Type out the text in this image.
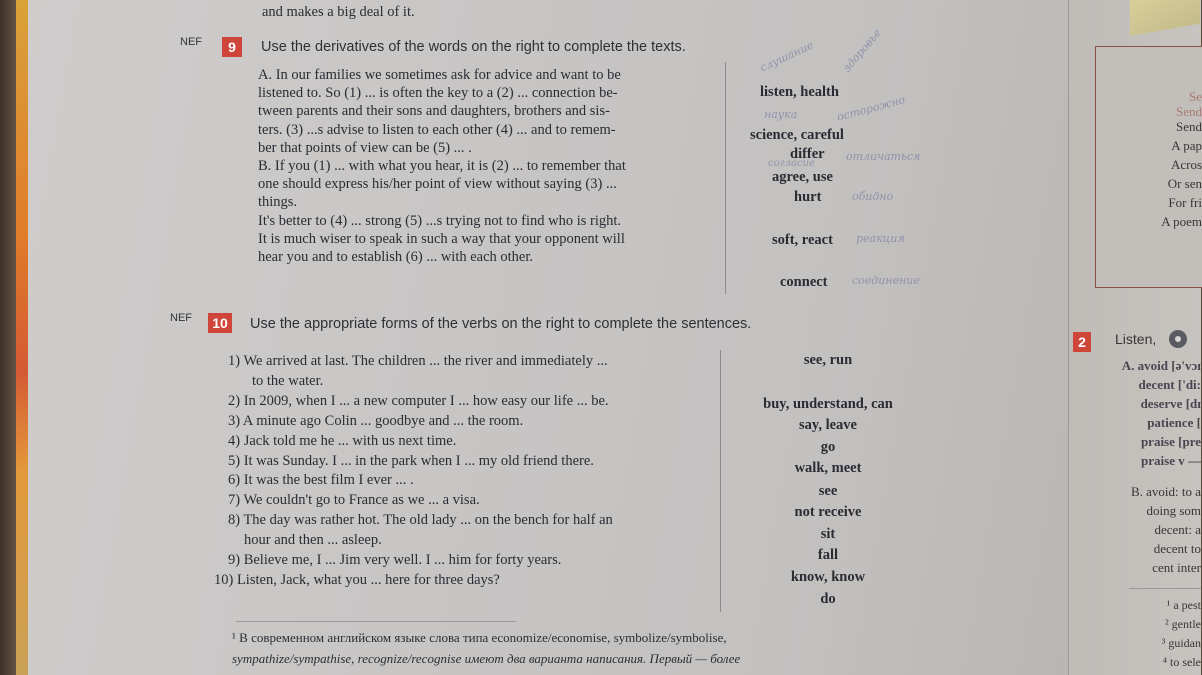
and makes a big deal of it.
NEF	9	Use the derivatives of the words on the right to complete the texts.
A. In our families we sometimes ask for advice and want to be
listened to. So (1) ... is often the key to a (2) ... connection be-
tween parents and their sons and daughters, brothers and sis-
ters. (3) ...s advise to listen to each other (4) ... and to remem-
ber that points of view can be (5) ... .
B. If you (1) ... with what you hear, it is (2) ... to remember that
one should express his/her point of view without saying (3) ...
things.
It's better to (4) ... strong (5) ...s trying not to find who is right.
It is much wiser to speak in such a way that your opponent will
hear you and to establish (6) ... with each other.
listen, health
science, careful
differ
agree, use
hurt
soft, react
connect
слушание здоровье
наука	осторожно
отличаться
согласие
обидно
реакция
соединение
NEF	10 Use the appropriate forms of the verbs on the right to complete the sentences.
1) We arrived at last. The children ... the river and immediately ...
to the water.
2) In 2009, when I ... a new computer I ... how easy our life ... be.
3) A minute ago Colin ... goodbye and ... the room.
4) Jack told me he ... with us next time.
5) It was Sunday. I ... in the park when I ... my old friend there.
6) It was the best film I ever ... .
7) We couldn't go to France as we ... a visa.
8) The day was rather hot. The old lady ... on the bench for half an
hour and then ... asleep.
9) Believe me, I ... Jim very well. I ... him for forty years.
10) Listen, Jack, what you ... here for three days?
see, run
buy, understand, can
say, leave
go
walk, meet
see
not receive
sit
fall
know, know
do
¹ В современном английском языке слова типа economize/economise, symbolize/symbolise,
sympathize/sympathise, recognize/recognise имеют два варианта написания. Первый — более
Se
Send
Send
A pap
Acros
Or sen
For fri
A poem
2	Listen,
A. avoid [ə'vɔɪ
decent ['di:
deserve [dɪ
patience [
praise [pre
praise v —
B. avoid: to a
doing som
decent: a
decent to
cent inter
¹ a pest
² gentle
³ guidan
⁴ to sele
